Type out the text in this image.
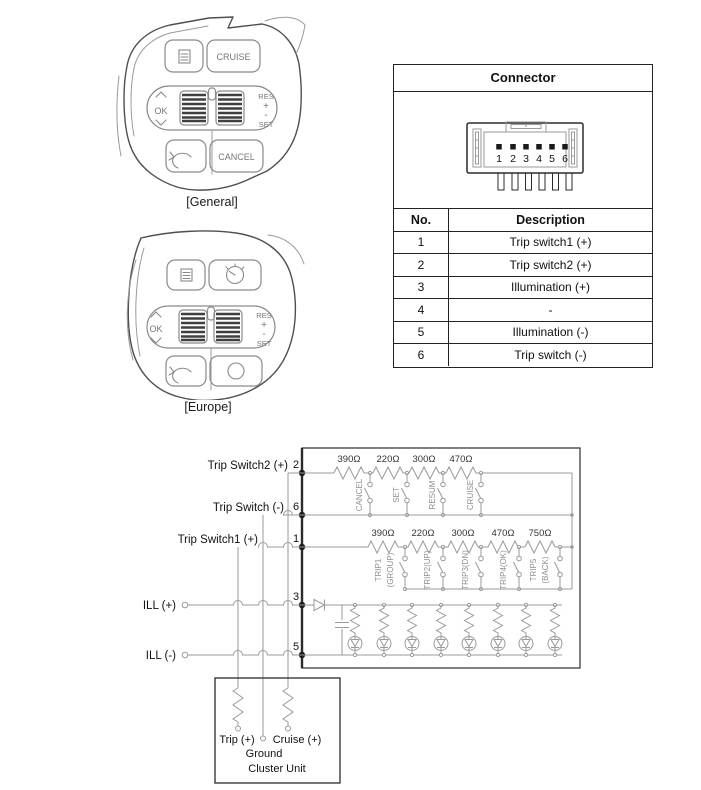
CRUISE
OK
RES
+
-
SET
CANCEL
[General]
OK
RES
+
-
SET
[Europe]
Connector
1 2 3 4 5 6
No.	Description
1	Trip switch1 (+)
2	Trip switch2 (+)
3	Illumination (+)
4	-
5	Illumination (-)
6	Trip switch (-)
Trip Switch2 (+) 2
Trip Switch (-) 6
Trip Switch1 (+)	1
ILL (+)
3
ILL (-)
5
390Ω 220Ω 300Ω 470Ω
CANCEL	SET	RESUM	CRUISE
390Ω 220Ω 300Ω 470Ω 750Ω
TRIP1 (GROUP)	TRIP2(UP)	TRIP3(DN)	TRIP4(OK)	TRIP5 (BACK)
Trip (+) Cruise (+)
Ground
Cluster Unit
